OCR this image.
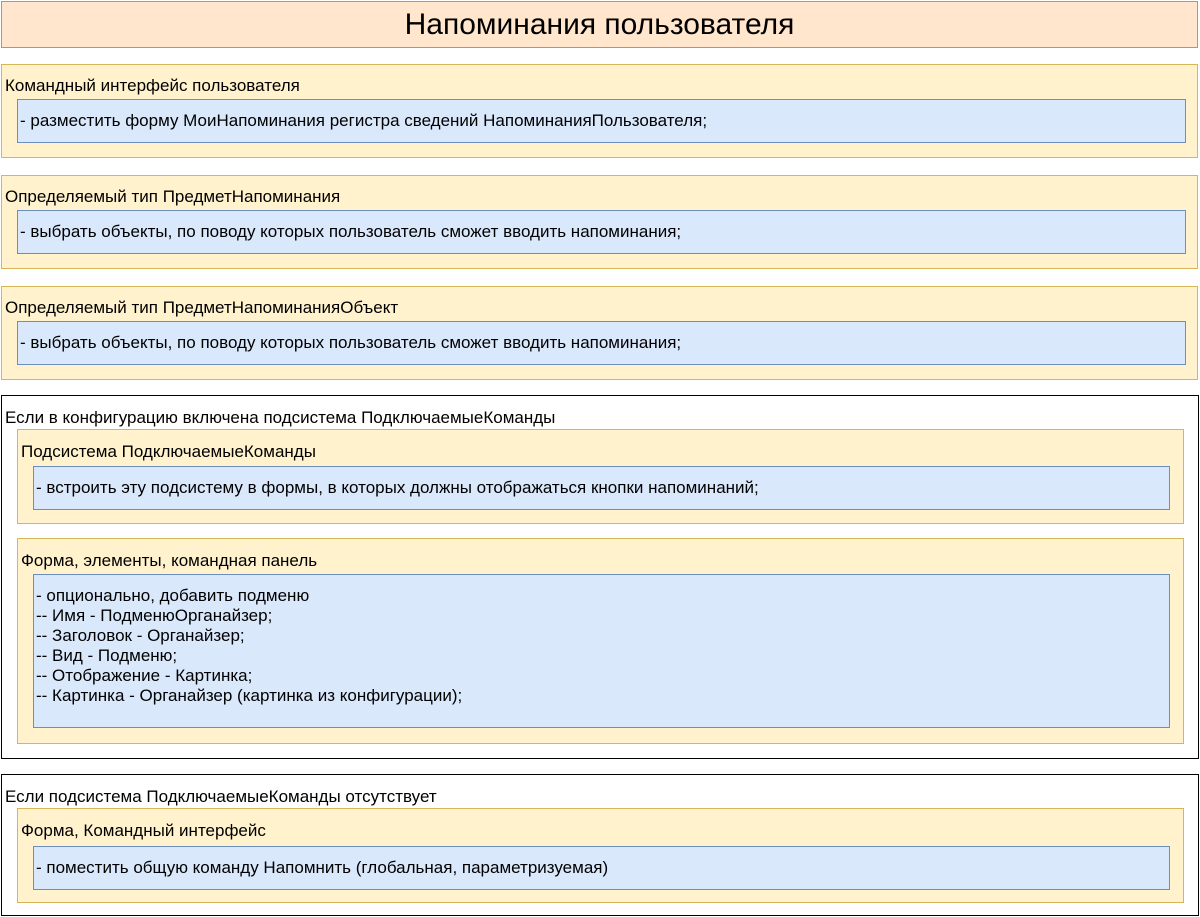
Напоминания пользователя
Командный интерфейс пользователя
- разместить форму МоиНапоминания регистра сведений НапоминанияПользователя;
Определяемый тип ПредметНапоминания
- выбрать объекты, по поводу которых пользователь сможет вводить напоминания;
Определяемый тип ПредметНапоминанияОбъект
- выбрать объекты, по поводу которых пользователь сможет вводить напоминания;
Если в конфигурацию включена подсистема ПодключаемыеКоманды
Подсистема ПодключаемыеКоманды
- встроить эту подсистему в формы, в которых должны отображаться кнопки напоминаний;
Форма, элементы, командная панель
- опционально, добавить подменю
-- Имя - ПодменюОрганайзер;
-- Заголовок - Органайзер;
-- Вид - Подменю;
-- Отображение - Картинка;
-- Картинка - Органайзер (картинка из конфигурации);
Если подсистема ПодключаемыеКоманды отсутствует
Форма, Командный интерфейс
- поместить общую команду Напомнить (глобальная, параметризуемая)
